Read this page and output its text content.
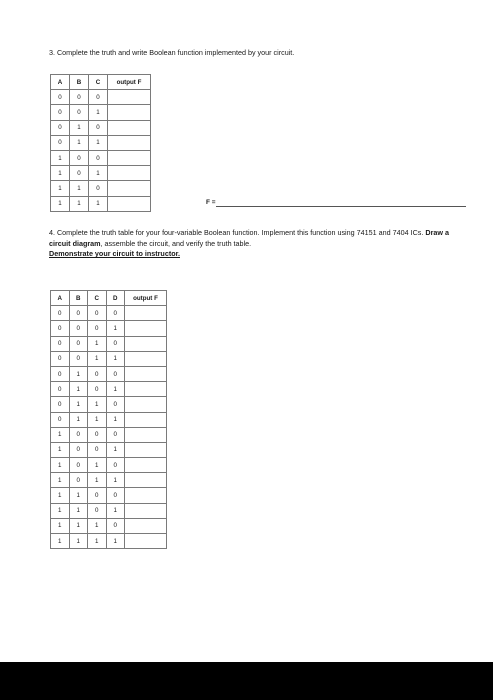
3. Complete the truth and write Boolean function implemented by your circuit.
A	B	C	output F
0	0	0	
0	0	1	
0	1	0	
0	1	1	
1	0	0	
1	0	1	
1	1	0	
1	1	1		F =
4. Complete the truth table for your four-variable Boolean function. Implement this function using 74151 and 7404 ICs. Draw a circuit diagram, assemble the circuit, and verify the truth table.
Demonstrate your circuit to instructor.
A	B	C	D	output F
0	0	0	0	
0	0	0	1	
0	0	1	0	
0	0	1	1	
0	1	0	0	
0	1	0	1	
0	1	1	0	
0	1	1	1	
1	0	0	0	
1	0	0	1	
1	0	1	0	
1	0	1	1	
1	1	0	0	
1	1	0	1	
1	1	1	0	
1	1	1	1	
